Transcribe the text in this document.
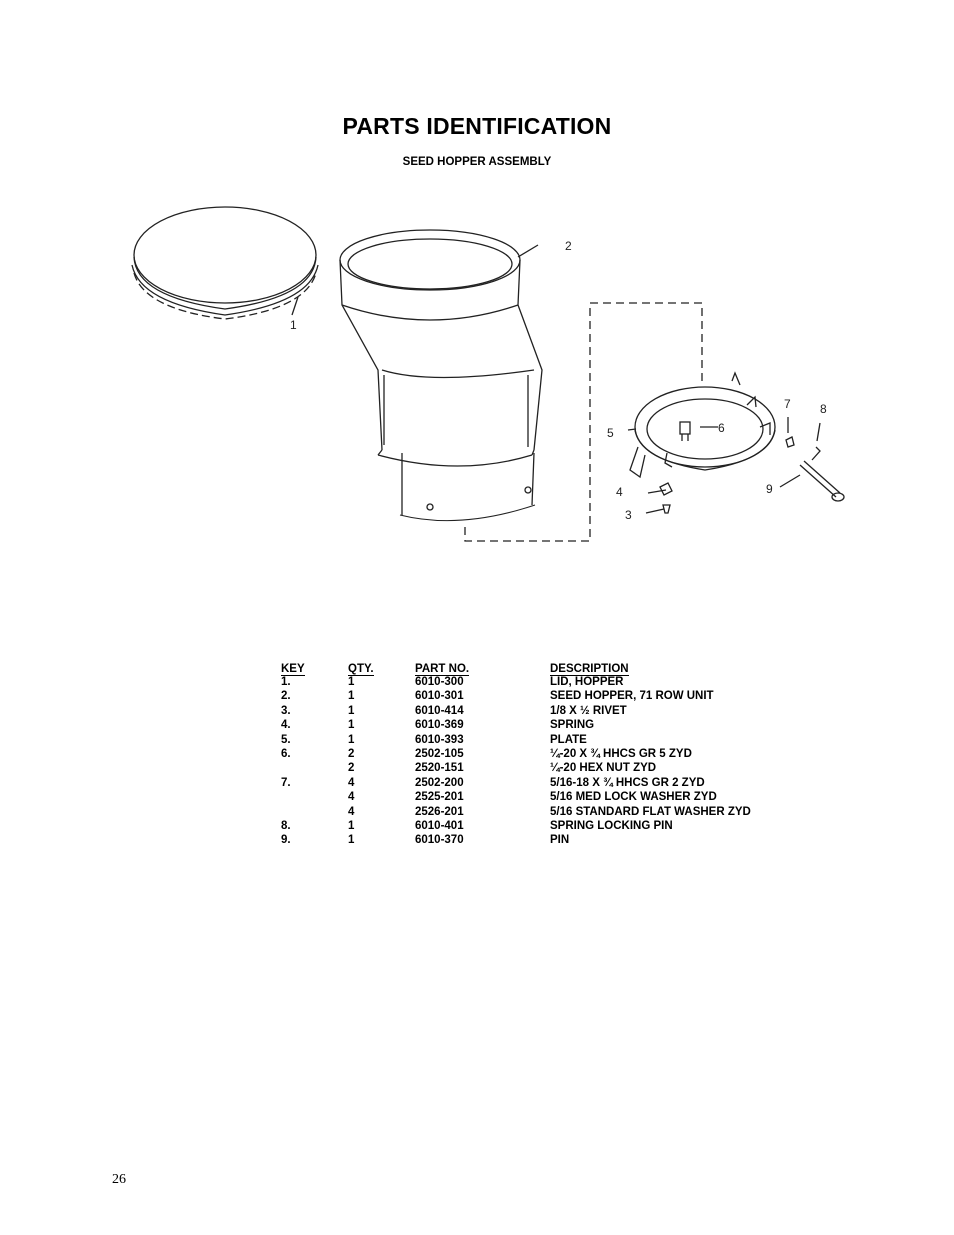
PARTS IDENTIFICATION
SEED HOPPER ASSEMBLY
1
2
3
4
5	6
7 8
9
KEY	QTY.	PART NO.	DESCRIPTION
1.	1	6010-300	LID, HOPPER
2.	1	6010-301	SEED HOPPER, 71 ROW UNIT
3.	1	6010-414	1/8 X ½ RIVET
4.	1	6010-369	SPRING
5.	1	6010-393	PLATE
6.	2	2502-105	¼-20 X ¾ HHCS GR 5 ZYD
	2	2520-151	¼-20 HEX NUT ZYD
7.	4	2502-200	5/16-18 X ¾ HHCS GR 2 ZYD
	4	2525-201	5/16 MED LOCK WASHER ZYD
	4	2526-201	5/16 STANDARD FLAT WASHER ZYD
8.	1	6010-401	SPRING LOCKING PIN
9.	1	6010-370	PIN
26
